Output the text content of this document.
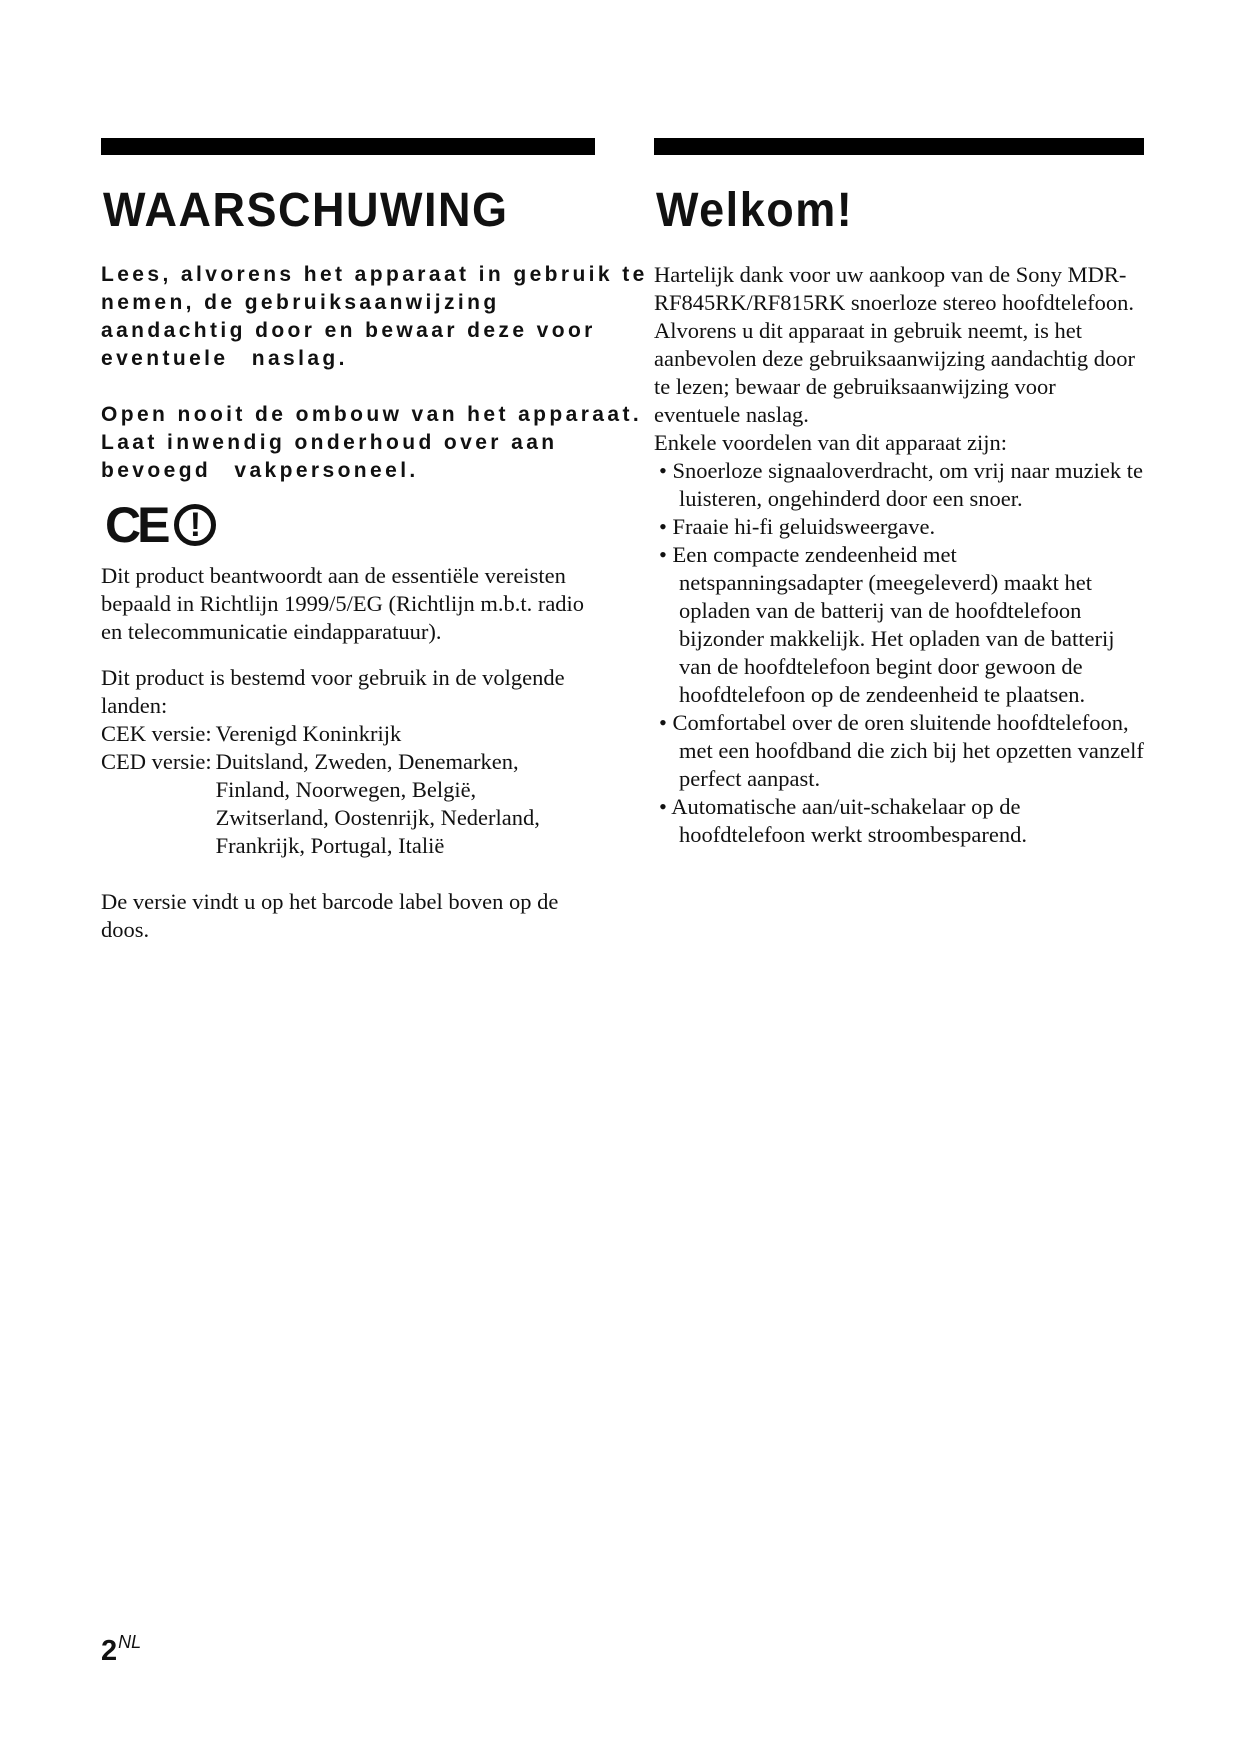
WAARSCHUWING

Lees, alvorens het apparaat in gebruik te

nemen, de gebruiksaanwijzing

aandachtig door en bewaar deze voor

eventuele naslag.

Open nooit de ombouw van het apparaat.

Laat inwendig onderhoud over aan

bevoegd vakpersoneel.

CE !

Dit product beantwoordt aan de essentiële vereisten bepaald in Richtlijn 1999/5/EG (Richtlijn m.b.t. radio en telecommunicatie eindapparatuur).

Dit product is bestemd voor gebruik in de volgende landen:

CEK versie: Verenigd Koninkrijk
CED versie: Duitsland, Zweden, Denemarken, Finland, Noorwegen, België, Zwitserland, Oostenrijk, Nederland, Frankrijk, Portugal, Italië

De versie vindt u op het barcode label boven op de doos.

Welkom!

Hartelijk dank voor uw aankoop van de Sony MDR-RF845RK/RF815RK snoerloze stereo hoofdtelefoon. Alvorens u dit apparaat in gebruik neemt, is het aanbevolen deze gebruiksaanwijzing aandachtig door te lezen; bewaar de gebruiksaanwijzing voor eventuele naslag.

Enkele voordelen van dit apparaat zijn:

• Snoerloze signaaloverdracht, om vrij naar muziek te luisteren, ongehinderd door een snoer.
• Fraaie hi-fi geluidsweergave.
• Een compacte zendeenheid met netspanningsadapter (meegeleverd) maakt het opladen van de batterij van de hoofdtelefoon bijzonder makkelijk. Het opladen van de batterij van de hoofdtelefoon begint door gewoon de hoofdtelefoon op de zendeenheid te plaatsen.
• Comfortabel over de oren sluitende hoofdtelefoon, met een hoofdband die zich bij het opzetten vanzelf perfect aanpast.
• Automatische aan/uit-schakelaar op de hoofdtelefoon werkt stroombesparend.
$2^{NL}$
